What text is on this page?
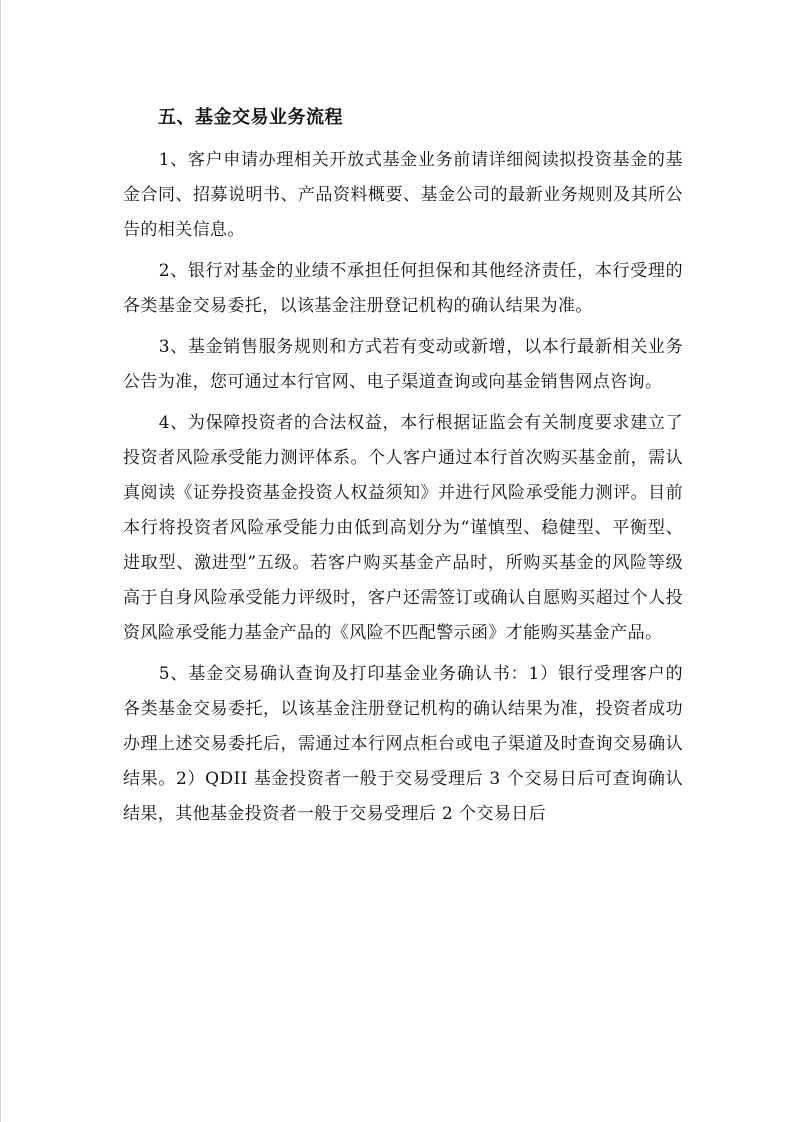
五、基金交易业务流程

1、客户申请办理相关开放式基金业务前请详细阅读拟投资基金的基金合同、招募说明书、产品资料概要、基金公司的最新业务规则及其所公告的相关信息。

2、银行对基金的业绩不承担任何担保和其他经济责任，本行受理的各类基金交易委托，以该基金注册登记机构的确认结果为准。

3、基金销售服务规则和方式若有变动或新增，以本行最新相关业务公告为准，您可通过本行官网、电子渠道查询或向基金销售网点咨询。

4、为保障投资者的合法权益，本行根据证监会有关制度要求建立了投资者风险承受能力测评体系。个人客户通过本行首次购买基金前，需认真阅读《证券投资基金投资人权益须知》并进行风险承受能力测评。目前本行将投资者风险承受能力由低到高划分为“谨慎型、稳健型、平衡型、进取型、激进型”五级。若客户购买基金产品时，所购买基金的风险等级高于自身风险承受能力评级时，客户还需签订或确认自愿购买超过个人投资风险承受能力基金产品的《风险不匹配警示函》才能购买基金产品。

5、基金交易确认查询及打印基金业务确认书：1）银行受理客户的各类基金交易委托，以该基金注册登记机构的确认结果为准，投资者成功办理上述交易委托后，需通过本行网点柜台或电子渠道及时查询交易确认结果。2）QDII 基金投资者一般于交易受理后 3 个交易日后可查询确认结果，其他基金投资者一般于交易受理后 2 个交易日后
